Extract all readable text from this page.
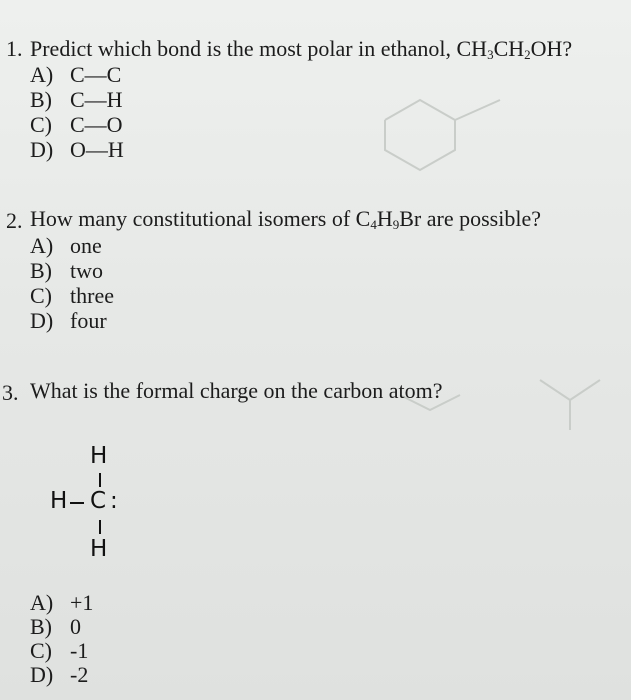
1. Predict which bond is the most polar in ethanol, $CH_3CH_2OH$?
A) C—C
B) C—H
C) C—O
D) O—H
2. How many constitutional isomers of $C_4H_9Br$ are possible?
A) one
B) two
C) three
D) four
3. What is the formal charge on the carbon atom?
H
H C :
H
A) +1
B) 0
C) -1
D) -2
